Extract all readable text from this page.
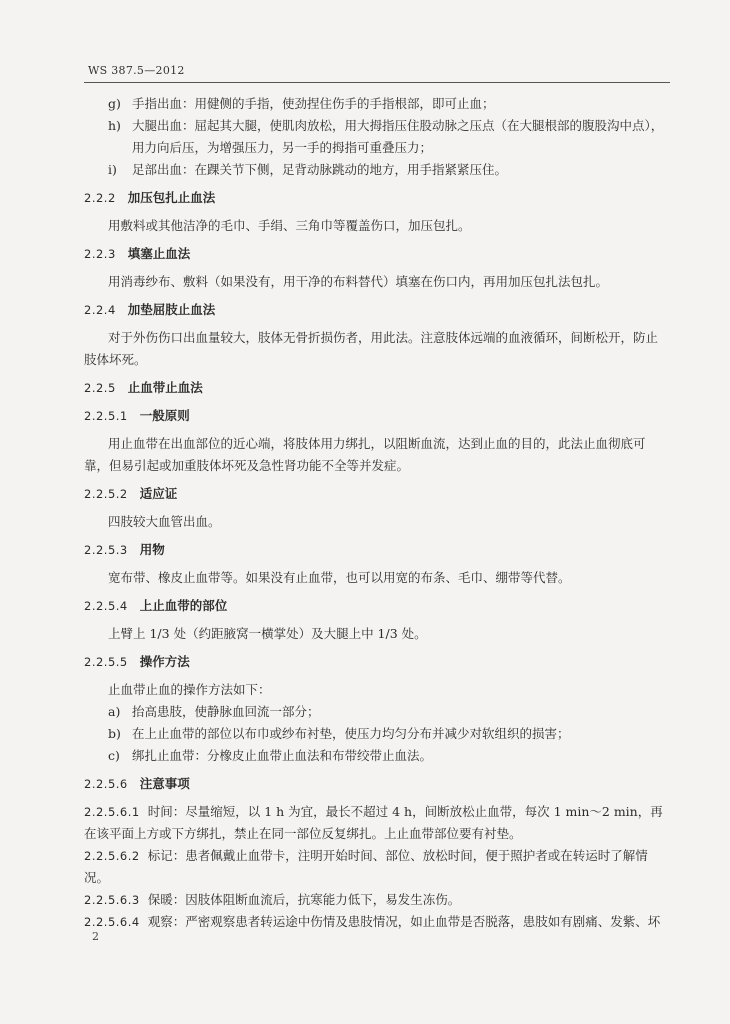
WS 387.5—2012
g) 手指出血：用健侧的手指，使劲捏住伤手的手指根部，即可止血；
h) 大腿出血：屈起其大腿，使肌肉放松，用大拇指压住股动脉之压点（在大腿根部的腹股沟中点），
用力向后压，为增强压力，另一手的拇指可重叠压力；
i)	足部出血：在踝关节下侧，足背动脉跳动的地方，用手指紧紧压住。
2.2.2 加压包扎止血法

用敷料或其他洁净的毛巾、手绢、三角巾等覆盖伤口，加压包扎。

2.2.3 填塞止血法

用消毒纱布、敷料（如果没有，用干净的布料替代）填塞在伤口内，再用加压包扎法包扎。

2.2.4 加垫屈肢止血法

对于外伤伤口出血量较大，肢体无骨折损伤者，用此法。注意肢体远端的血液循环，间断松开，防止肢体坏死。

2.2.5 止血带止血法
2.2.5.1 一般原则

用止血带在出血部位的近心端，将肢体用力绑扎，以阻断血流，达到止血的目的，此法止血彻底可靠，但易引起或加重肢体坏死及急性肾功能不全等并发症。

2.2.5.2 适应证

四肢较大血管出血。

2.2.5.3 用物

宽布带、橡皮止血带等。如果没有止血带，也可以用宽的布条、毛巾、绷带等代替。

2.2.5.4 上止血带的部位

上臂上 1/3 处（约距腋窝一横掌处）及大腿上中 1/3 处。

2.2.5.5 操作方法

止血带止血的操作方法如下：

a) 抬高患肢，使静脉血回流一部分；
b) 在上止血带的部位以布巾或纱布衬垫，使压力均匀分布并减少对软组织的损害；
c) 绑扎止血带：分橡皮止血带止血法和布带绞带止血法。
2.2.5.6 注意事项

2.2.5.6.1 时间：尽量缩短，以 1 h 为宜，最长不超过 4 h，间断放松止血带，每次 1 min～2 min，再在该平面上方或下方绑扎，禁止在同一部位反复绑扎。上止血带部位要有衬垫。

2.2.5.6.2 标记：患者佩戴止血带卡，注明开始时间、部位、放松时间，便于照护者或在转运时了解情况。

2.2.5.6.3 保暖：因肢体阻断血流后，抗寒能力低下，易发生冻伤。

2.2.5.6.4 观察：严密观察患者转运途中伤情及患肢情况，如止血带是否脱落，患肢如有剧痛、发紫、坏

2
